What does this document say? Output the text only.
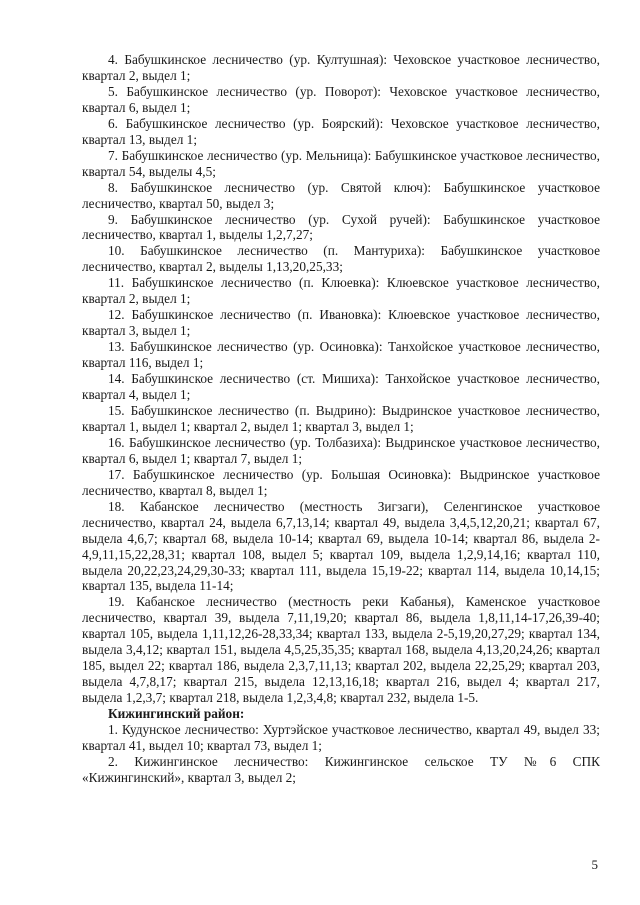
4. Бабушкинское лесничество (ур. Култушная): Чеховское участковое лесничество, квартал 2, выдел 1;

5. Бабушкинское лесничество (ур. Поворот): Чеховское участковое лесничество, квартал 6, выдел 1;

6. Бабушкинское лесничество (ур. Боярский): Чеховское участковое лесничество, квартал 13, выдел 1;

7. Бабушкинское лесничество (ур. Мельница): Бабушкинское участковое лесничество, квартал 54, выделы 4,5;

8. Бабушкинское лесничество (ур. Святой ключ): Бабушкинское участковое лесничество, квартал 50, выдел 3;

9. Бабушкинское лесничество (ур. Сухой ручей): Бабушкинское участковое лесничество, квартал 1, выделы 1,2,7,27;

10. Бабушкинское лесничество (п. Мантуриха): Бабушкинское участковое лесничество, квартал 2, выделы 1,13,20,25,33;

11. Бабушкинское лесничество (п. Клюевка): Клюевское участковое лесничество, квартал 2, выдел 1;

12. Бабушкинское лесничество (п. Ивановка): Клюевское участковое лесничество, квартал 3, выдел 1;

13. Бабушкинское лесничество (ур. Осиновка): Танхойское участковое лесничество, квартал 116, выдел 1;

14. Бабушкинское лесничество (ст. Мишиха): Танхойское участковое лесничество, квартал 4, выдел 1;

15. Бабушкинское лесничество (п. Выдрино): Выдринское участковое лесничество, квартал 1, выдел 1; квартал 2, выдел 1; квартал 3, выдел 1;

16. Бабушкинское лесничество (ур. Толбазиха): Выдринское участковое лесничество, квартал 6, выдел 1; квартал 7, выдел 1;

17. Бабушкинское лесничество (ур. Большая Осиновка): Выдринское участковое лесничество, квартал 8, выдел 1;

18. Кабанское лесничество (местность Зигзаги), Селенгинское участковое лесничество, квартал 24, выдела 6,7,13,14; квартал 49, выдела 3,4,5,12,20,21; квартал 67, выдела 4,6,7; квартал 68, выдела 10-14; квартал 69, выдела 10-14; квартал 86, выдела 2-4,9,11,15,22,28,31; квартал 108, выдел 5; квартал 109, выдела 1,2,9,14,16; квартал 110, выдела 20,22,23,24,29,30-33; квартал 111, выдела 15,19-22; квартал 114, выдела 10,14,15; квартал 135, выдела 11-14;

19. Кабанское лесничество (местность реки Кабанья), Каменское участковое лесничество, квартал 39, выдела 7,11,19,20; квартал 86, выдела 1,8,11,14-17,26,39-40; квартал 105, выдела 1,11,12,26-28,33,34; квартал 133, выдела 2-5,19,20,27,29; квартал 134, выдела 3,4,12; квартал 151, выдела 4,5,25,35,35; квартал 168, выдела 4,13,20,24,26; квартал 185, выдел 22; квартал 186, выдела 2,3,7,11,13; квартал 202, выдела 22,25,29; квартал 203, выдела 4,7,8,17; квартал 215, выдела 12,13,16,18; квартал 216, выдел 4; квартал 217, выдела 1,2,3,7; квартал 218, выдела 1,2,3,4,8; квартал 232, выдела 1-5.

Кижингинский район:

1. Кудунское лесничество: Хуртэйское участковое лесничество, квартал 49, выдел 33; квартал 41, выдел 10; квартал 73, выдел 1;

2. Кижингинское лесничество: Кижингинское сельское ТУ №6 СПК «Кижингинский», квартал 3, выдел 2;

5
